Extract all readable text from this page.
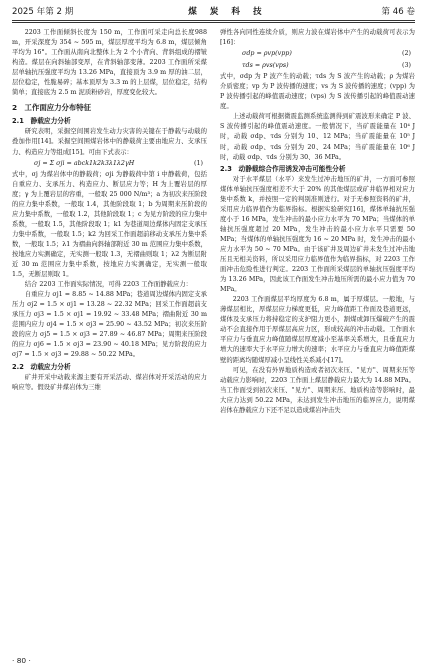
2025 年第 2 期	煤 炭 科 技	第 46 卷

2203 工作面倾斜长度为 150 m，工作面可采走向总长度988 m，开采深度为 354 ~ 595 m，煤层厚度平均为 6.8 m，煤层倾角平均为 16°。工作面从南向北整体上为 2 个小背向、背斜组成的褶皱构造。煤层在向斜轴部变厚，在背斜轴部变薄。2203 工作面所采煤层单轴抗压强度平均为 13.26 MPa，直接顶为 3.9 m 厚的油二层，层位稳定，性脆易碎；基本顶厚为 3.3 m 的上层煤，层位稳定，结构简单；直接底为 2.5 m 泥质粉砂岩，厚度变化较大。

2　工作面应力分布特征
2.1　静载应力分析

研究表明，采掘空间围岩发生动力灾害的关键在于静载与动载的叠加作用[14]。采掘空间围煤岩体中的静载荷主要由地应力、支承压力、构造应力等组成[15]。可由下式表示：

σj = Σ σji = abck1k2k3λ1λ2γH	(1)

式中，σj 为煤岩体中的静载荷；σji 为静载荷中第 i 中静载荷，包括自重应力、支承压力、构造应力、断层应力等；H 为上覆岩层的厚度；γ 为上覆岩层的容重，一般取 25 000 N/m³；a 为初次来压阶段的应力集中系数，一般取 1.4，其他阶段取 1；b 为周期来压阶段的应力集中系数，一般取 1.2，其他阶段取 1；c 为见方阶段的应力集中系数，一般取 1.5，其他阶段取 1；k1 为巷道周边煤体内固定支承压力集中系数，一般取 1.5；k2 为回采工作面超前移动支承压力集中系数，一般取 1.5；λ1 为褶曲向斜轴部附近 30 m 范围应力集中系数，按地应力实测确定，无实测一般取 1.3，无褶曲则取 1；λ2 为断层附近 30 m 范围应力集中系数，按地应力实测确定，无实测一般取 1.5，无断层则取 1。

结合 2203 工作面实际情况，可得 2203 工作面静载应力：

自重应力 σj1 = 8.85 ~ 14.88 MPa；巷道周边煤体内固定支承压力 σj2 = 1.5 × σj1 = 13.28 ~ 22.32 MPa；回采工作面超前支承压力 σj3 = 1.5 × σj1 = 19.92 ~ 33.48 MPa；褶曲附近 30 m 范围内应力 σj4 = 1.5 × σj3 = 25.90 ~ 43.52 MPa；初次来压阶段的应力 σj5 = 1.5 × σj3 = 27.89 ~ 46.87 MPa；周期来压阶段的应力 σj6 = 1.5 × σj3 = 23.90 ~ 40.18 MPa；见方阶段的应力 σj7 = 1.5 × σj3 = 29.88 ~ 50.22 MPa。

2.2　动载应力分析

矿井开采中动载来源主要有开采活动、煤岩体对开采活动的应力响应等。假设矿井煤岩体为三维

弹性各向同性连续介质，则应力波在煤岩体中产生的动载荷可表示为[16]：

σdp = ρvp(vpp)	(2)
τds = ρvs(vps)	(3)

式中，σdp 为 P 波产生的动载；τds 为 S 波产生的动载；ρ 为煤岩介质密度；vp 为 P 波传播的速度；vs 为 S 波传播的速度；(vpp) 为 P 波传播引起的峰值震动速度；(vps) 为 S 波传播引起的峰值震动速度。

上述动载荷可根据微震监测系统监测得到矿震波形来确定 P 波、S 波传播引起的峰值震动速度。一般情况下，当矿震能量在 10⁴ J 时，动载 σdp、τds 分别为 10、12 MPa；当矿震能量在 10⁵ J 时，动载 σdp、τds 分别为 20、24 MPa；当矿震能量在 10⁶ J 时，动载 σdp、τds 分别为 30、36 MPa。

2.3　动静载综合作用诱发冲击可能性分析

对于水平煤层（水平）来发生过冲击地压的矿井，一方面可参照煤体单轴抗压强度相差不大于 20% 的其他煤层或矿井临界相对应力集中系数 k，并按照一定的判别准则进行。对于无参照资料的矿井，采用应力临界值作为临界指标。根据实验研究[16]，煤体单轴抗压强度小于 16 MPa，发生冲击的最小应力水平为 70 MPa；当煤体的单轴抗压强度超过 20 MPa，发生冲击的最小应力水平只需要 50 MPa；当煤体的单轴抗压强度为 16 ~ 20 MPa 时，发生冲击的最小应力水平为 50 ~ 70 MPa。由于该矿井及周边矿井未发生过冲击地压且无相关资料，所以采用应力临界值作为临界指标，对 2203 工作面冲击危险性进行判定。2203 工作面所采煤层的单轴抗压强度平均为 13.26 MPa，因此该工作面发生冲击地压所需的最小应力值为 70 MPa。

2203 工作面煤层平均厚度为 6.8 m，属于厚煤层。一般地，与薄煤层相比，厚煤层应力梯度更低，应力峰值距工作面及巷道更远，煤体及支承压力将持稳定的支护阻力更小，割煤或卸压爆破产生的震动不会直接作用于厚煤层高应力区，形成较高的冲击动载。工作面水平应力与垂直应力峰值随煤层厚度减小至基率关系增大，且垂直应力增大的速率大于水平应力增大的速率；水平应力与垂直应力峰值距煤壁的距离均随煤厚减小呈线性关系减小[17]。

可见，在没有外界地质构造或者初次来压、"见方"、周期来压等动载应力影响时，2203 工作面上煤层静载应力最大为 14.88 MPa。当工作面受到初次来压、"见方"、周期来压、地质构造等影响时，最大应力达到 50.22 MPa，未达到发生冲击地压的临界应力，说明煤岩体在静载应力下还不足以造成煤岩冲击失

· 80 ·
